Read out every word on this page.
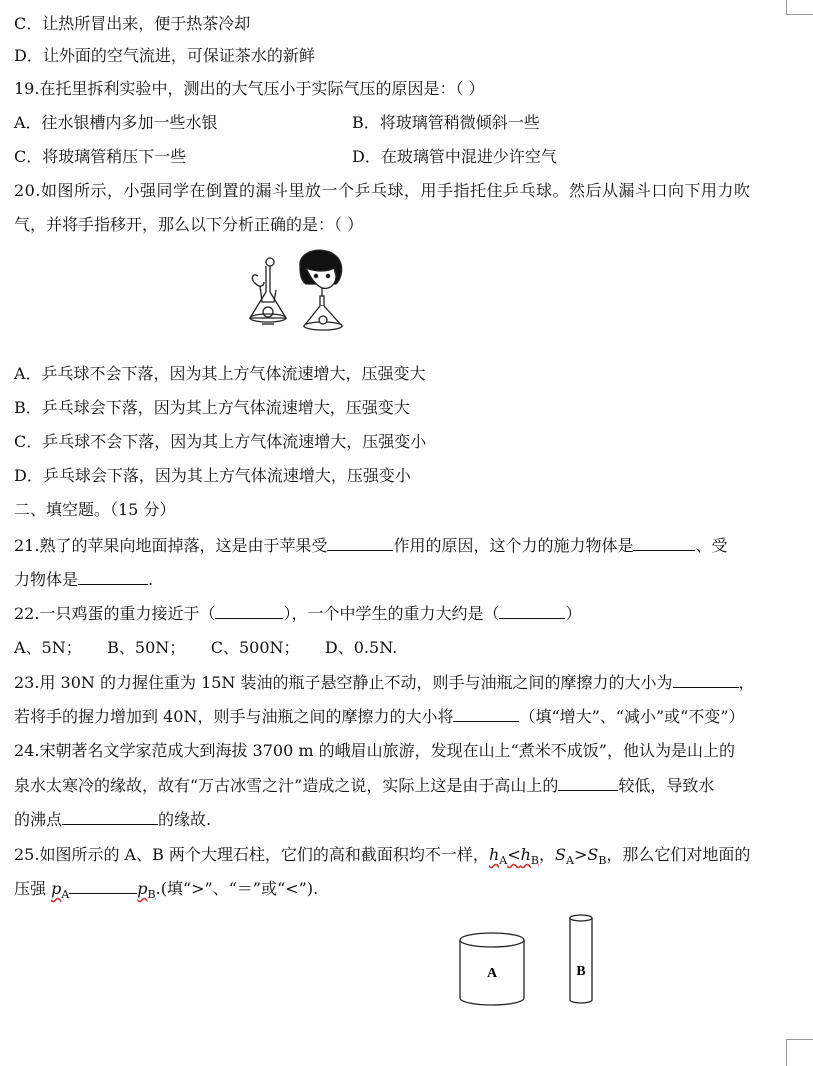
C．让热所冒出来，便于热茶冷却
D．让外面的空气流进，可保证茶水的新鲜
19.在托里拆利实验中，测出的大气压小于实际气压的原因是：（ ）
A．往水银槽内多加一些水银	B．将玻璃管稍微倾斜一些
C．将玻璃管稍压下一些	D．在玻璃管中混进少许空气
20.如图所示，小强同学在倒置的漏斗里放一个乒乓球，用手指托住乒乓球。然后从漏斗口向下用力吹
气，并将手指移开，那么以下分析正确的是：（ ）
A．乒乓球不会下落，因为其上方气体流速增大，压强变大
B．乒乓球会下落，因为其上方气体流速增大，压强变大
C．乒乓球不会下落，因为其上方气体流速增大，压强变小
D．乒乓球会下落，因为其上方气体流速增大，压强变小
二、填空题。（15 分）
21.熟了的苹果向地面掉落，这是由于苹果受	作用的原因，这个力的施力物体是	、受
力物体是	.
22.一只鸡蛋的重力接近于（	），一个中学生的重力大约是（	）
A、5N；     B、50N；     C、500N；     D、0.5N.
23.用 30N 的力握住重为 15N 装油的瓶子悬空静止不动，则手与油瓶之间的摩擦力的大小为	，
若将手的握力增加到 40N，则手与油瓶之间的摩擦力的大小将	（填“增大”、“减小”或“不变”）
24.宋朝著名文学家范成大到海拔 3700 m 的峨眉山旅游，发现在山上“煮米不成饭”，他认为是山上的
泉水太寒冷的缘故，故有“万古冰雪之汁”造成之说，实际上这是由于高山上的	较低，导致水
的沸点	的缘故.
25.如图所示的 A、B 两个大理石柱，它们的高和截面积均不一样，$h_A<h_B$，$S_A>S_B$，那么它们对地面的
压强 $p_A$	$p_B$.(填“>”、“＝”或“<”).
A	B
